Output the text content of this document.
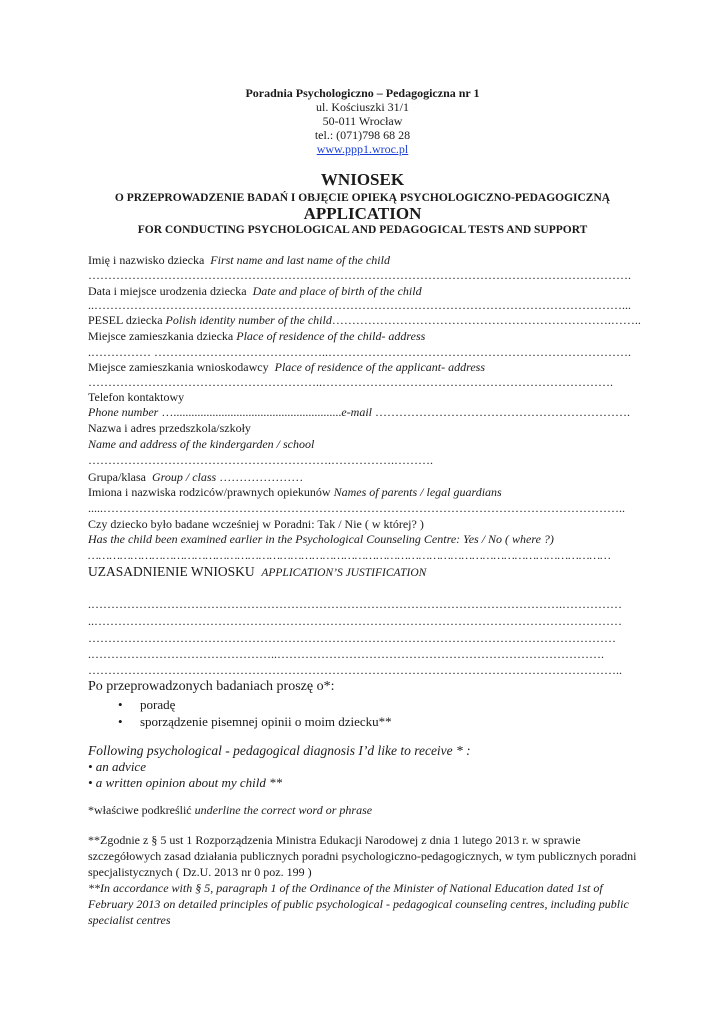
Poradnia Psychologiczno – Pedagogiczna nr 1
ul. Kościuszki 31/1
50-011 Wrocław
tel.: (071)798 68 28
www.ppp1.wroc.pl
WNIOSEK
O PRZEPROWADZENIE BADAŃ I OBJĘCIE OPIEKĄ PSYCHOLOGICZNO-PEDAGOGICZNĄ
APPLICATION
FOR CONDUCTING PSYCHOLOGICAL AND PEDAGOGICAL TESTS AND SUPPORT
Imię i nazwisko dziecka First name and last name of the child
……………………………………………………………………………………………………………………….
Data i miejsce urodzenia dziecka Date and place of birth of the child
..……………………………………………………………………………………………………………………...
PESEL dziecka Polish identity number of the child…………………………………………………………….……..
Miejsce zamieszkania dziecka Place of residence of the child- address
.…………… ……………………………………..………………………………………………………………….
Miejsce zamieszkania wnioskodawcy Place of residence of the applicant- address
…………………………………………………..……………………………………………………………….
Telefon kontaktowy
Phone number …........................................................e-mail ……………………………………………………….
Nazwa i adres przedszkola/szkoły
Name and address of the kindergarden / school
…………………………………………………….…………….……….
Grupa/klasa Group / class …………………
Imiona i nazwiska rodziców/prawnych opiekunów Names of parents / legal guardians
.....…………………………………………………………………………………………………………………..
Czy dziecko było badane wcześniej w Poradni: Tak / Nie ( w której? )
Has the child been examined earlier in the Psychological Counseling Centre: Yes / No ( where ?)
…………………………………………………………………………………………………………………………………
UZASADNIENIE WNIOSKU APPLICATION’S JUSTIFICATION
.……………………………………………………………………………………………………….……………
..……………………………………………………………………………………………………………………
……………………………………………………………………………………………………………………
.………………………………………..……………………………………………………………………….
……………………………………………………………………………………………………………………..
Po przeprowadzonych badaniach proszę o*:
• poradę
• sporządzenie pisemnej opinii o moim dziecku**
Following psychological - pedagogical diagnosis I’d like to receive * :
• an advice
• a written opinion about my child **
*właściwe podkreślić underline the correct word or phrase
**Zgodnie z § 5 ust 1 Rozporządzenia Ministra Edukacji Narodowej z dnia 1 lutego 2013 r. w sprawie szczegółowych zasad działania publicznych poradni psychologiczno-pedagogicznych, w tym publicznych poradni specjalistycznych ( Dz.U. 2013 nr 0 poz. 199 )
**In accordance with § 5, paragraph 1 of the Ordinance of the Minister of National Education dated 1st of February 2013 on detailed principles of public psychological - pedagogical counseling centres, including public specialist centres
